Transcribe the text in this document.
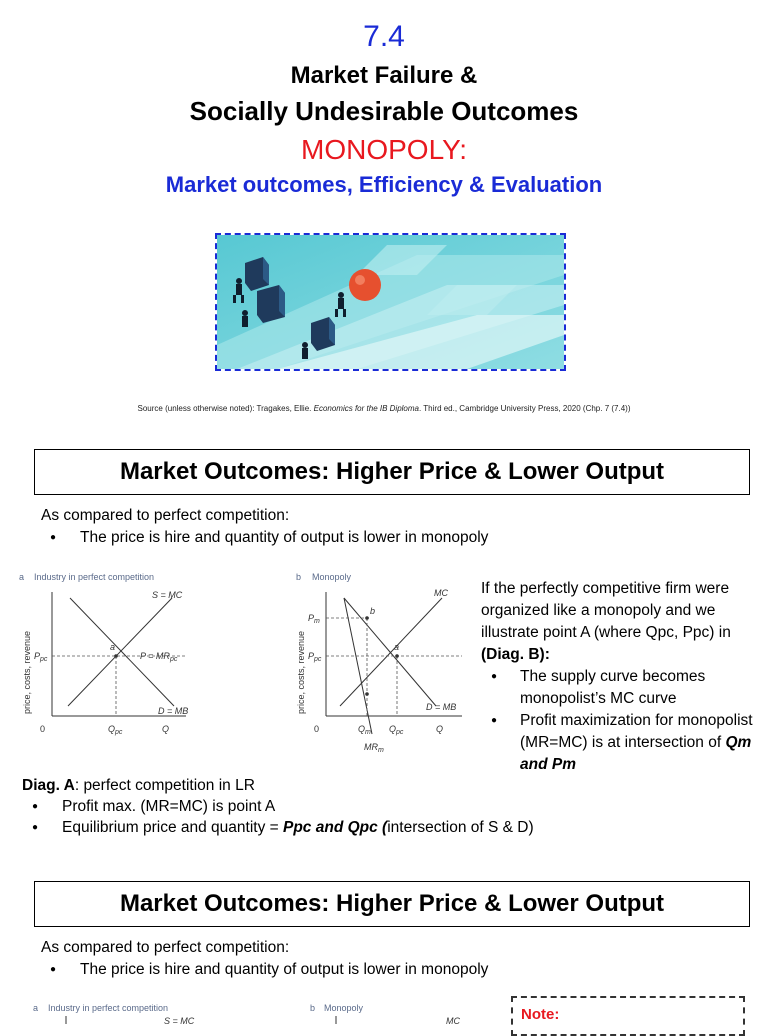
7.4
Market Failure &
Socially Undesirable Outcomes
MONOPOLY:
Market outcomes, Efficiency & Evaluation
Source (unless otherwise noted): Tragakes, Ellie. Economics for the IB Diploma. Third ed., Cambridge University Press, 2020 (Chp. 7 (7.4))
Market Outcomes: Higher Price & Lower Output
As compared to perfect competition:
● The price is hire and quantity of output is lower in monopoly
a Industry in perfect competition
price, costs, revenue
0	Q
a
S = MC
D = MB
$P = MR_{pc}$
$P_{pc}$
$Q_{pc}$
b Monopoly
price, costs, revenue
0	Q
b
a
MC
D = MB
$MR_m$
$P_m$
$P_{pc}$
$Q_m$ $Q_{pc}$
If the perfectly competitive firm were organized like a monopoly and we illustrate point A (where Qpc, Ppc) in (Diag. B):
● The supply curve becomes monopolist’s MC curve
● Profit maximization for monopolist (MR=MC) is at intersection of Qm and Pm
Diag. A: perfect competition in LR
● Profit max. (MR=MC) is point A
● Equilibrium price and quantity = Ppc and Qpc (intersection of S & D)
Market Outcomes: Higher Price & Lower Output
As compared to perfect competition:
● The price is hire and quantity of output is lower in monopoly
a Industry in perfect competition
S = MC
b Monopoly
MC	Note:
